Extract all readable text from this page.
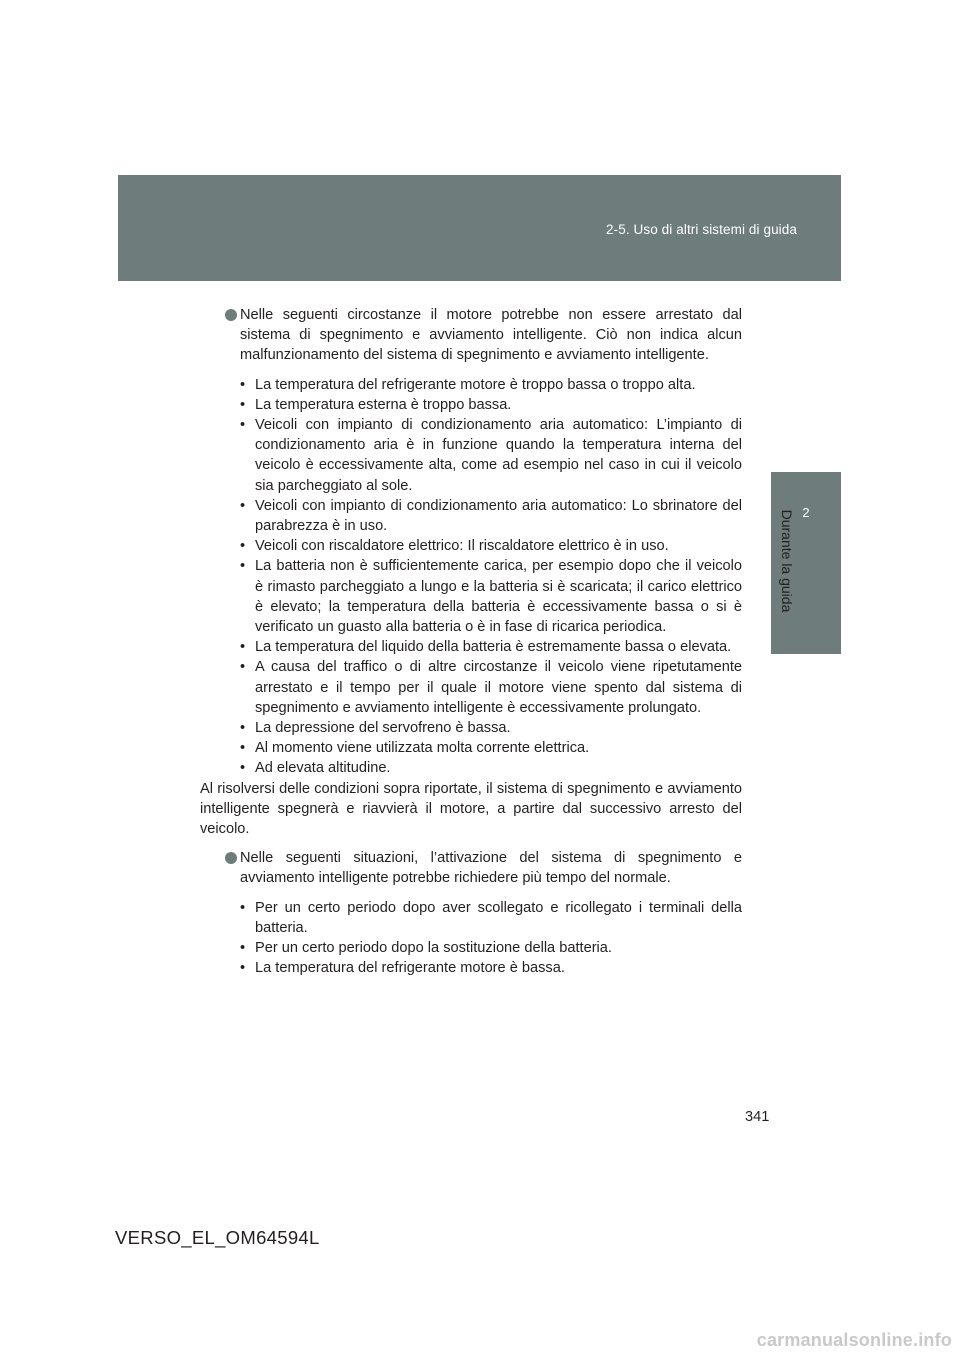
2-5. Uso di altri sistemi di guida
2
Durante la guida
Nelle seguenti circostanze il motore potrebbe non essere arrestato dal sistema di spegnimento e avviamento intelligente. Ciò non indica alcun malfunzionamento del sistema di spegnimento e avviamento intelligente.
• La temperatura del refrigerante motore è troppo bassa o troppo alta.
• La temperatura esterna è troppo bassa.
• Veicoli con impianto di condizionamento aria automatico: L’impianto di condizionamento aria è in funzione quando la temperatura interna del veicolo è eccessivamente alta, come ad esempio nel caso in cui il veicolo sia parcheggiato al sole.
• Veicoli con impianto di condizionamento aria automatico: Lo sbrinatore del parabrezza è in uso.
• Veicoli con riscaldatore elettrico: Il riscaldatore elettrico è in uso.
• La batteria non è sufficientemente carica, per esempio dopo che il veicolo è rimasto parcheggiato a lungo e la batteria si è scaricata; il carico elettrico è elevato; la temperatura della batteria è eccessivamente bassa o si è verificato un guasto alla batteria o è in fase di ricarica periodica.
• La temperatura del liquido della batteria è estremamente bassa o elevata.
• A causa del traffico o di altre circostanze il veicolo viene ripetutamente arrestato e il tempo per il quale il motore viene spento dal sistema di spegnimento e avviamento intelligente è eccessivamente prolungato.
• La depressione del servofreno è bassa.
• Al momento viene utilizzata molta corrente elettrica.
• Ad elevata altitudine.

Al risolversi delle condizioni sopra riportate, il sistema di spegnimento e avviamento intelligente spegnerà e riavvierà il motore, a partire dal successivo arresto del veicolo.

Nelle seguenti situazioni, l’attivazione del sistema di spegnimento e avviamento intelligente potrebbe richiedere più tempo del normale.
• Per un certo periodo dopo aver scollegato e ricollegato i terminali della batteria.
• Per un certo periodo dopo la sostituzione della batteria.
• La temperatura del refrigerante motore è bassa.
341
VERSO_EL_OM64594L
carmanualsonline.info
